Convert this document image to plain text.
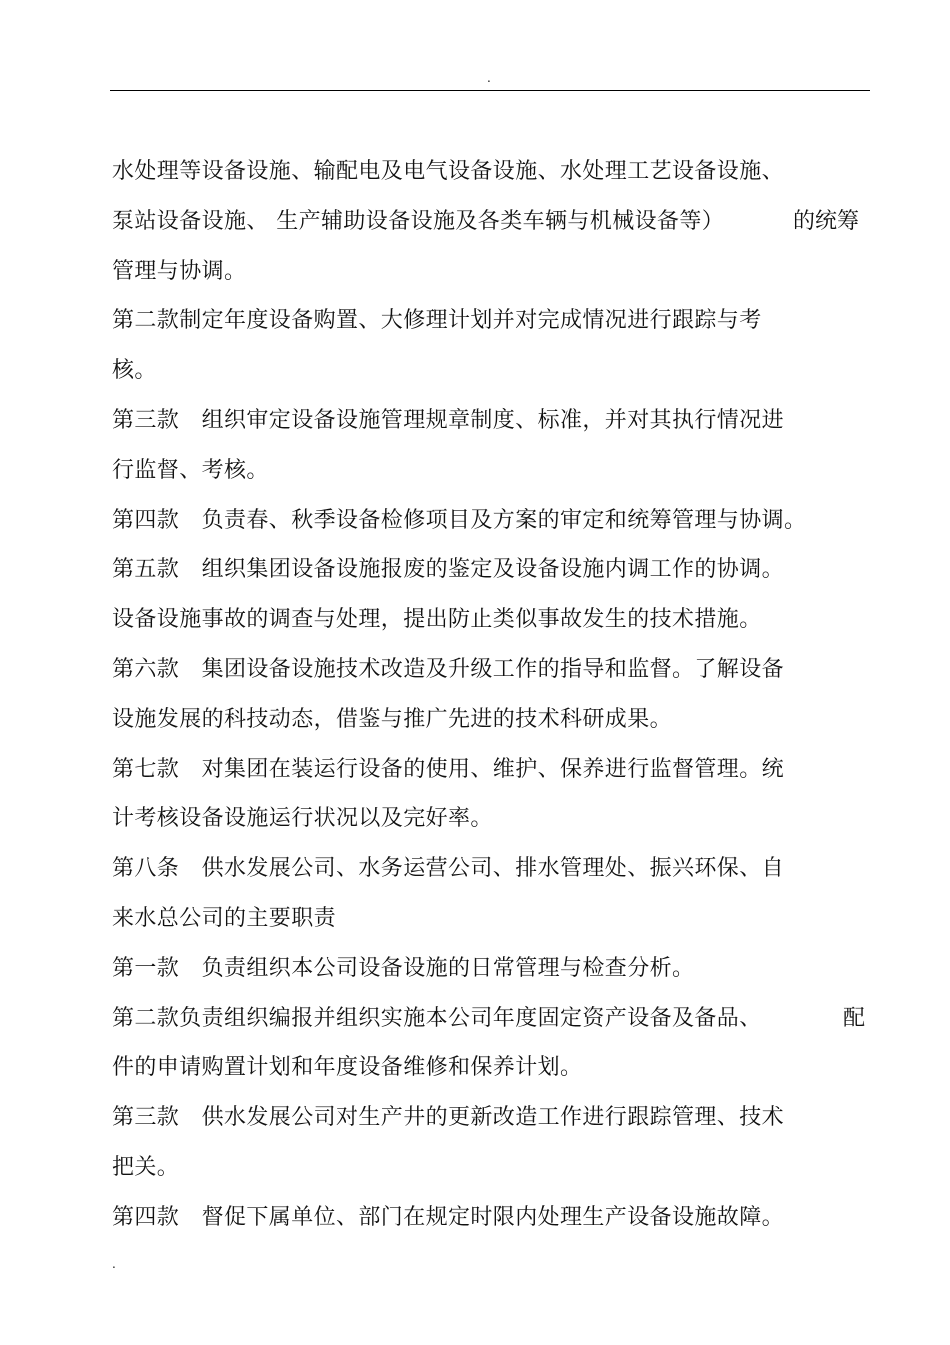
.
水处理等设备设施、输配电及电气设备设施、水处理工艺设备设施、
泵站设备设施、 生产辅助设备设施及各类车辆与机械设备等）	的统筹
管理与协调。
第二款制定年度设备购置、大修理计划并对完成情况进行跟踪与考
核。
第三款　组织审定设备设施管理规章制度、标准，并对其执行情况进
行监督、考核。
第四款　负责春、秋季设备检修项目及方案的审定和统筹管理与协调。
第五款　组织集团设备设施报废的鉴定及设备设施内调工作的协调。
设备设施事故的调查与处理，提出防止类似事故发生的技术措施。
第六款　集团设备设施技术改造及升级工作的指导和监督。了解设备
设施发展的科技动态，借鉴与推广先进的技术科研成果。
第七款　对集团在装运行设备的使用、维护、保养进行监督管理。统
计考核设备设施运行状况以及完好率。
第八条　供水发展公司、水务运营公司、排水管理处、振兴环保、自
来水总公司的主要职责
第一款　负责组织本公司设备设施的日常管理与检查分析。
第二款负责组织编报并组织实施本公司年度固定资产设备及备品、	配
件的申请购置计划和年度设备维修和保养计划。
第三款　供水发展公司对生产井的更新改造工作进行跟踪管理、技术
把关。
第四款　督促下属单位、部门在规定时限内处理生产设备设施故障。
.
